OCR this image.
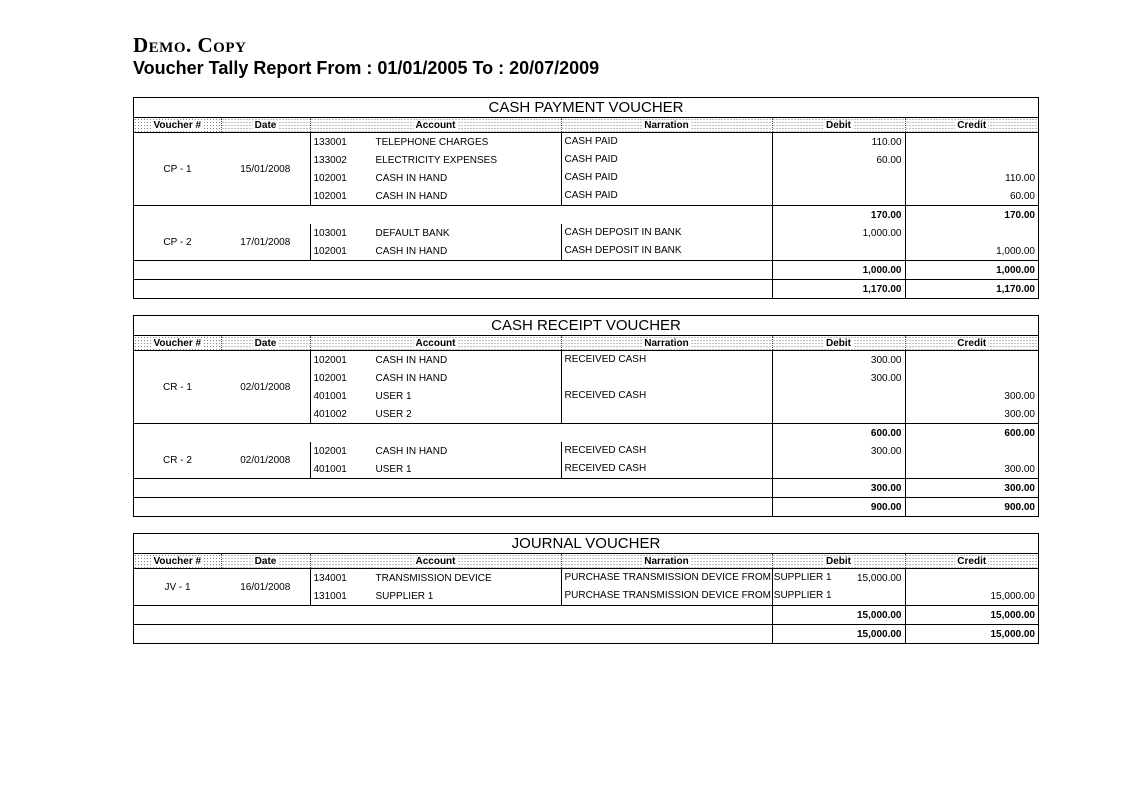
Demo. Copy
Voucher Tally Report From : 01/01/2005 To : 20/07/2009
CASH PAYMENT VOUCHER
Voucher #	Date	Account	Narration	Debit	Credit
CP - 1	15/01/2008	133001 TELEPHONE CHARGES	CASH PAID	110.00	
		133002 ELECTRICITY EXPENSES	CASH PAID	60.00	
		102001 CASH IN HAND	CASH PAID		110.00
		102001 CASH IN HAND	CASH PAID		60.00
				170.00	170.00
CP - 2	17/01/2008	103001 DEFAULT BANK	CASH DEPOSIT IN BANK	1,000.00	
		102001 CASH IN HAND	CASH DEPOSIT IN BANK		1,000.00
				1,000.00	1,000.00
				1,170.00	1,170.00
CASH RECEIPT VOUCHER
Voucher #	Date	Account	Narration	Debit	Credit
CR - 1	02/01/2008	102001 CASH IN HAND	RECEIVED CASH	300.00	
		102001 CASH IN HAND		300.00	
		401001 USER 1	RECEIVED CASH		300.00
		401002 USER 2			300.00
				600.00	600.00
CR - 2	02/01/2008	102001 CASH IN HAND	RECEIVED CASH	300.00	
		401001 USER 1	RECEIVED CASH		300.00
				300.00	300.00
				900.00	900.00
JOURNAL VOUCHER
Voucher #	Date	Account	Narration	Debit	Credit
JV - 1	16/01/2008	134001 TRANSMISSION DEVICE	PURCHASE TRANSMISSION DEVICE FROM SUPPLIER 1	15,000.00	
		131001 SUPPLIER 1	PURCHASE TRANSMISSION DEVICE FROM SUPPLIER 1		15,000.00
				15,000.00	15,000.00
				15,000.00	15,000.00
